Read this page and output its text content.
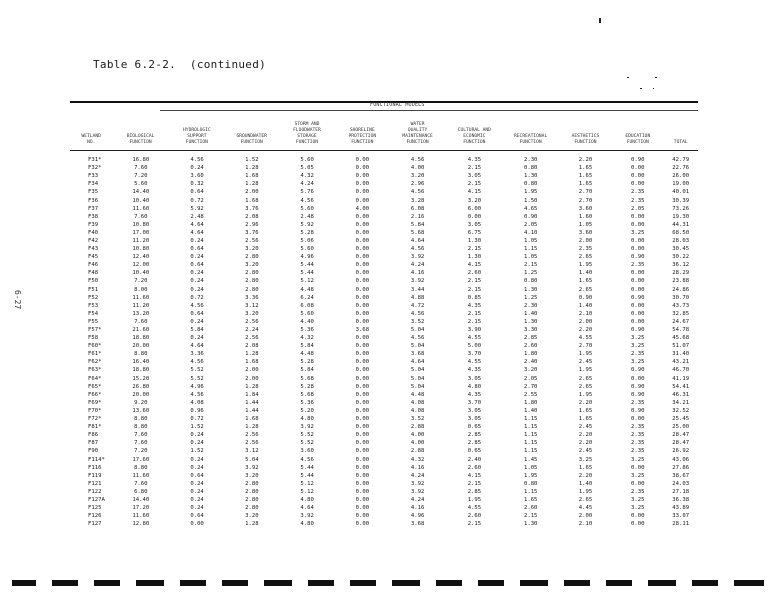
Table 6.2-2.  (continued)
6-27
FUNCTIONAL MODELS
WETLAND
NO.
BIOLOGICAL
FUNCTION
HYDROLOGIC
SUPPORT
FUNCTION
GROUNDWATER
FUNCTION
STORM AND
FLOODWATER
STORAGE
FUNCTION
SHORELINE
PROTECTION
FUNCTION
WATER
QUALITY
MAINTENANCE
FUNCTION
CULTURAL AND
ECONOMIC
FUNCTION
RECREATIONAL
FUNCTION
AESTHETICS
FUNCTION
EDUCATION
FUNCTION	TOTAL
F31*	16.80	4.56	1.52	5.60	0.00	4.56	4.35	2.30	2.20	0.90	42.79
F32*	7.60	0.24	1.28	5.05	0.00	4.00	2.15	0.80	1.65	0.00	22.76
F33	7.20	3.60	1.68	4.32	0.00	3.20	3.05	1.30	1.65	0.00	26.00
F34	5.60	0.32	1.28	4.24	0.00	2.96	2.15	0.80	1.65	0.00	19.00
F35	14.40	0.64	2.00	5.76	0.00	4.56	4.15	1.95	2.70	2.35	40.01
F36	10.40	0.72	1.68	4.56	0.00	3.28	3.20	1.50	2.70	2.35	30.39
F37	11.60	5.92	3.76	5.60	4.00	6.08	6.00	4.65	3.60	2.05	73.26
F38	7.60	2.48	2.08	2.48	0.00	2.16	0.00	0.90	1.60	0.00	19.30
F39	10.80	4.64	2.96	5.92	0.00	5.84	3.05	2.05	1.05	0.00	44.31
F40	17.00	4.64	3.76	5.28	0.00	5.68	6.75	4.10	3.60	3.25	68.50
F42	11.20	0.24	2.56	5.06	0.00	4.64	1.30	1.05	2.00	0.00	28.03
F43	10.80	0.64	3.20	5.60	0.00	4.56	2.15	1.15	2.35	0.00	30.45
F45	12.40	0.24	2.80	4.96	0.00	3.92	1.30	1.05	2.65	0.90	30.22
F46	12.00	0.64	3.20	5.44	0.00	4.24	4.15	2.15	1.95	2.35	36.12
F48	10.40	0.24	2.80	5.44	0.00	4.16	2.60	1.25	1.40	0.00	28.29
F50	7.20	0.24	2.80	5.12	0.00	3.92	2.15	0.80	1.65	0.00	23.88
F51	8.00	0.24	2.80	4.48	0.00	3.44	2.15	1.30	2.65	0.00	24.86
F52	11.60	0.72	3.36	6.24	0.00	4.88	0.85	1.25	0.90	0.90	30.70
F53	11.20	4.56	3.12	6.08	0.00	4.72	4.35	2.30	1.40	0.00	43.73
F54	13.20	0.64	3.20	5.60	0.00	4.56	2.15	1.40	2.10	0.00	32.85
F55	7.60	0.24	2.56	4.40	0.00	3.52	2.15	1.30	2.00	0.00	24.67
F57*	21.60	5.84	2.24	5.36	3.68	5.04	3.90	3.30	2.20	0.90	54.78
F58	18.80	0.24	2.56	4.32	0.00	4.56	4.55	2.85	4.55	3.25	45.68
F60*	20.00	4.64	2.08	5.84	0.00	5.04	5.00	2.60	2.70	3.25	51.07
F61*	8.80	3.36	1.28	4.48	0.00	3.68	3.70	1.80	1.95	2.35	31.40
F62*	16.40	4.56	1.68	5.28	0.00	4.64	4.55	2.40	2.45	3.25	43.21
F63*	18.80	5.52	2.00	5.84	0.00	5.04	4.35	3.20	1.95	0.90	46.70
F64*	15.20	5.52	2.00	5.68	0.00	5.04	3.05	2.05	2.65	0.00	41.19
F65*	26.80	4.96	1.28	5.28	0.00	5.04	4.80	2.70	2.65	0.90	54.41
F66*	20.00	4.56	1.84	5.68	0.00	4.48	4.35	2.55	1.95	0.90	46.31
F69*	9.20	4.08	1.44	5.36	0.00	4.08	3.70	1.80	2.20	2.35	34.21
F70*	13.60	0.96	1.44	5.20	0.00	4.08	3.05	1.40	1.65	0.90	32.52
F72*	8.80	0.72	1.68	4.80	0.00	3.52	3.05	1.15	1.65	0.00	25.45
F81*	8.80	1.52	1.28	3.92	0.00	2.88	0.65	1.15	2.45	2.35	25.00
F86	7.60	0.24	2.56	5.52	0.00	4.00	2.85	1.15	2.20	2.35	28.47
F87	7.60	0.24	2.56	5.52	0.00	4.00	2.85	1.15	2.20	2.35	28.47
F90	7.20	1.52	3.12	3.60	0.00	2.88	0.65	1.15	2.45	2.35	26.92
F114*	17.60	0.24	5.04	4.56	0.00	4.32	2.40	1.45	3.25	3.25	43.06
F116	8.80	0.24	3.92	5.44	0.00	4.16	2.60	1.05	1.65	0.00	27.86
F119	11.60	0.64	3.20	5.44	0.00	4.24	4.15	1.95	2.20	3.25	38.67
F121	7.60	0.24	2.80	5.12	0.00	3.92	2.15	0.80	1.40	0.00	24.03
F122	6.80	0.24	2.80	5.12	0.00	3.92	2.85	1.15	1.95	2.35	27.18
F127A	14.40	0.24	2.80	4.80	0.00	4.24	1.95	1.65	2.65	3.25	36.38
F125	17.20	0.24	2.80	4.64	0.00	4.16	4.55	2.60	4.45	3.25	43.89
F126	11.60	0.64	3.20	3.92	0.00	4.96	2.60	2.15	2.00	0.00	33.07
F127	12.80	0.00	1.28	4.80	0.00	3.68	2.15	1.30	2.10	0.00	28.11
